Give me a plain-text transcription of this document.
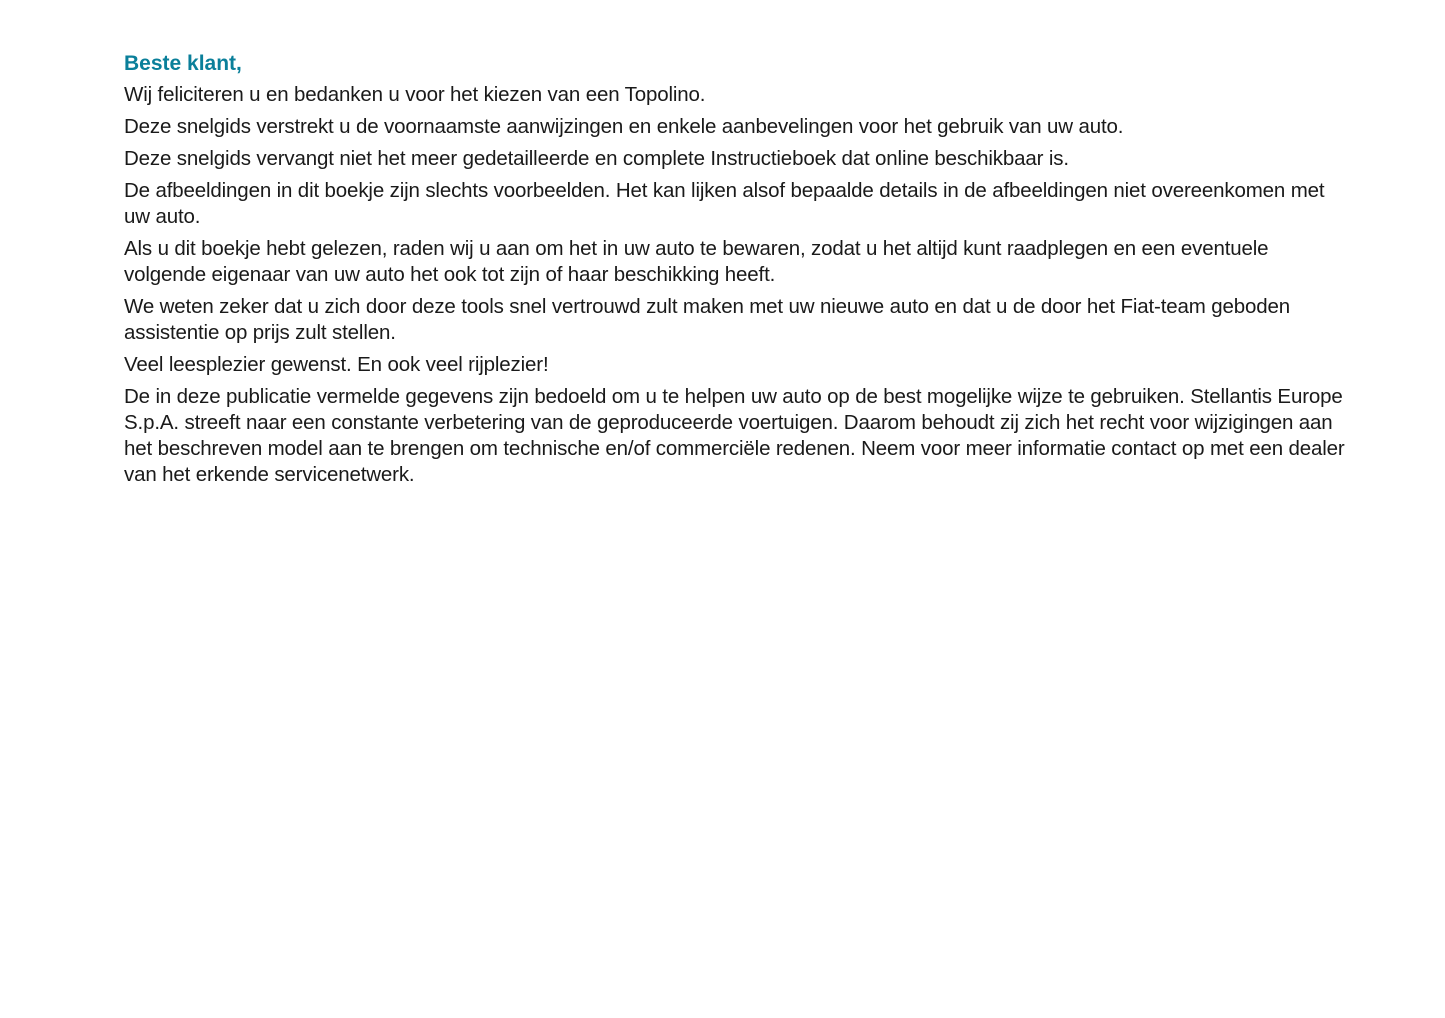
Beste klant,

Wij feliciteren u en bedanken u voor het kiezen van een Topolino.

Deze snelgids verstrekt u de voornaamste aanwijzingen en enkele aanbevelingen voor het gebruik van uw auto.

Deze snelgids vervangt niet het meer gedetailleerde en complete Instructieboek dat online beschikbaar is.

De afbeeldingen in dit boekje zijn slechts voorbeelden. Het kan lijken alsof bepaalde details in de afbeeldingen niet overeenkomen met uw auto.

Als u dit boekje hebt gelezen, raden wij u aan om het in uw auto te bewaren, zodat u het altijd kunt raadplegen en een eventuele volgende eigenaar van uw auto het ook tot zijn of haar beschikking heeft.

We weten zeker dat u zich door deze tools snel vertrouwd zult maken met uw nieuwe auto en dat u de door het Fiat-team geboden assistentie op prijs zult stellen.

Veel leesplezier gewenst. En ook veel rijplezier!

De in deze publicatie vermelde gegevens zijn bedoeld om u te helpen uw auto op de best mogelijke wijze te gebruiken. Stellantis Europe S.p.A. streeft naar een constante verbetering van de geproduceerde voertuigen. Daarom behoudt zij zich het recht voor wijzigingen aan het beschreven model aan te brengen om technische en/of commerciële redenen. Neem voor meer informatie contact op met een dealer van het erkende servicenetwerk.
